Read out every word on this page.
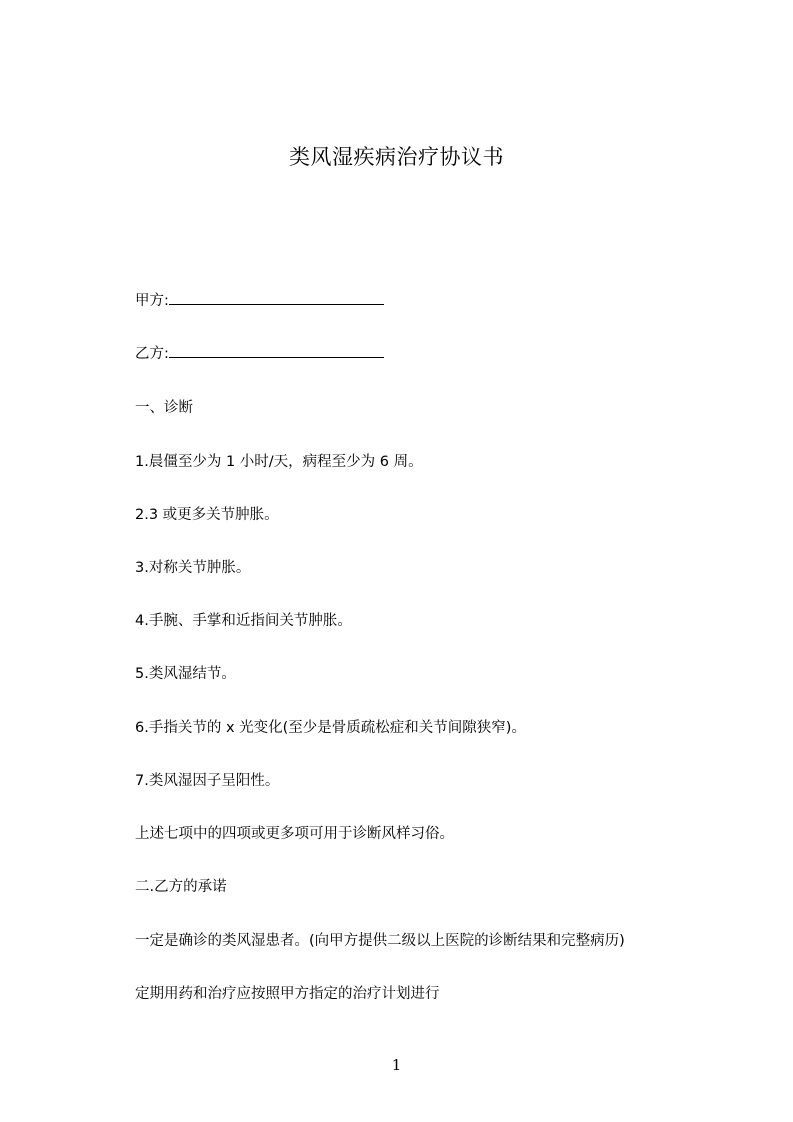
类风湿疾病治疗协议书
甲方:
乙方:
一、诊断
1.晨僵至少为 1 小时/天，病程至少为 6 周。
2.3 或更多关节肿胀。
3.对称关节肿胀。
4.手腕、手掌和近指间关节肿胀。
5.类风湿结节。
6.手指关节的 x 光变化(至少是骨质疏松症和关节间隙狭窄)。
7.类风湿因子呈阳性。
上述七项中的四项或更多项可用于诊断风样习俗。
二.乙方的承诺
一定是确诊的类风湿患者。(向甲方提供二级以上医院的诊断结果和完整病历)
定期用药和治疗应按照甲方指定的治疗计划进行
1
